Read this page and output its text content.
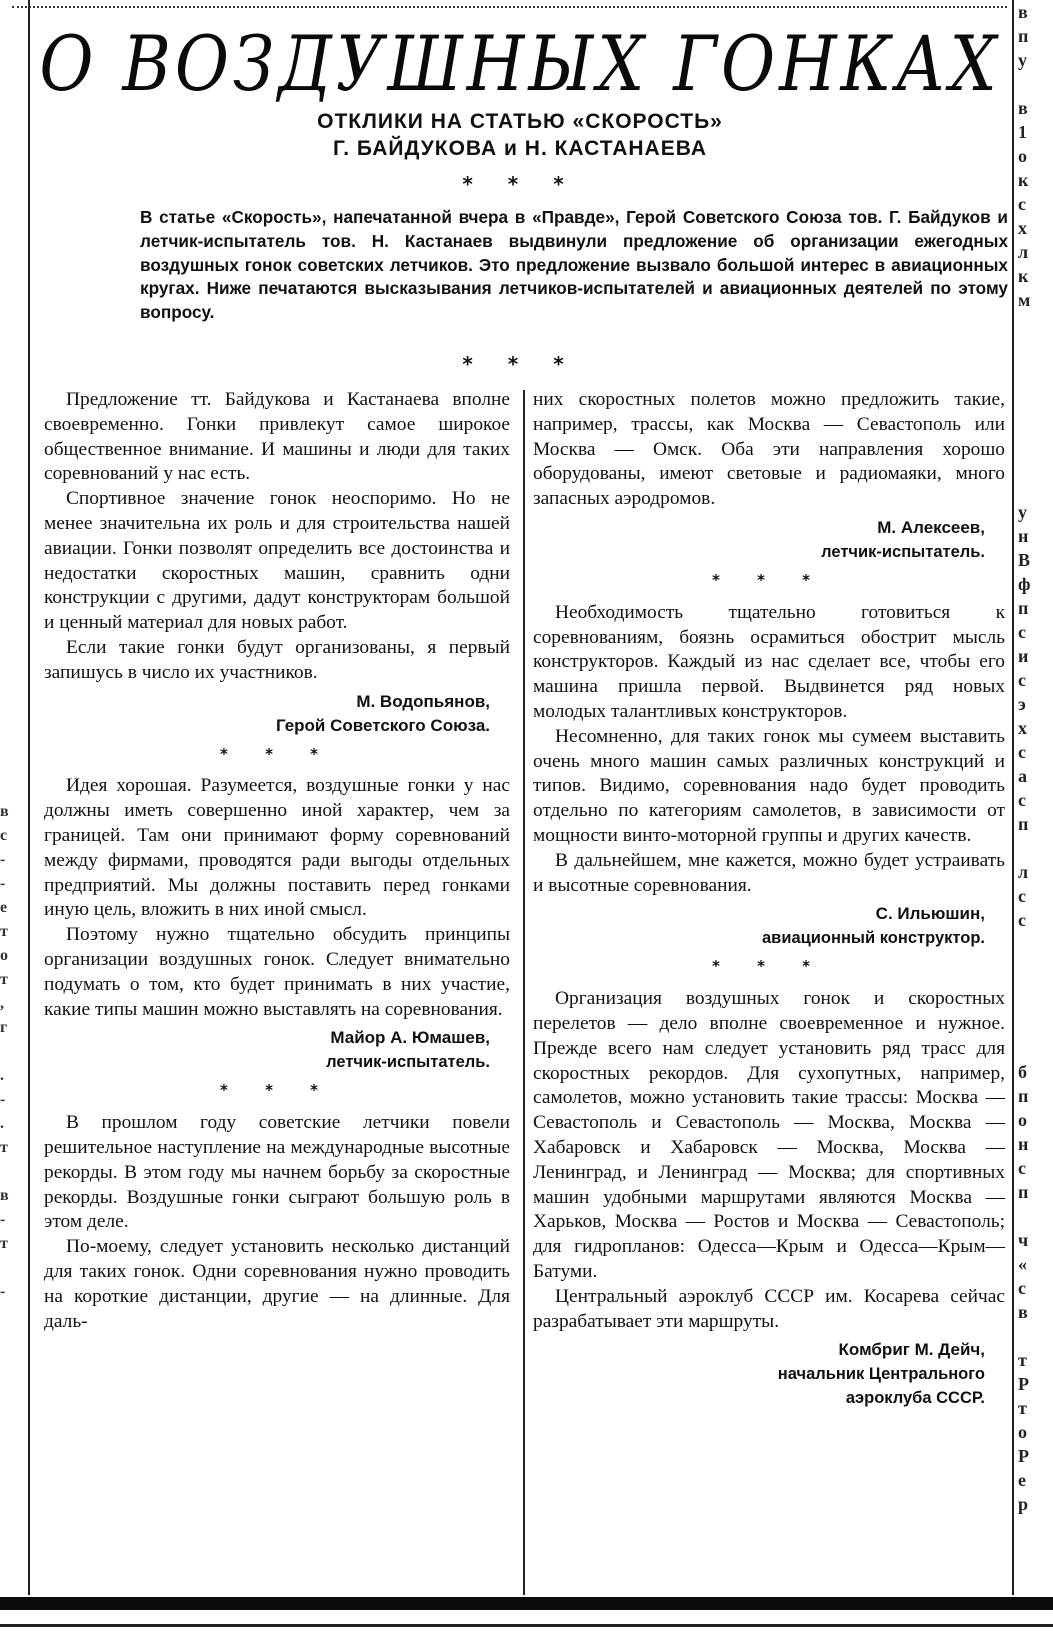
О ВОЗДУШНЫХ ГОНКАХ
ОТКЛИКИ НА СТАТЬЮ «СКОРОСТЬ»
Г. БАЙДУКОВА и Н. КАСТАНАЕВА
* * *
В статье «Скорость», напечатанной вчера в «Правде», Герой Советского Союза тов. Г. Байдуков и летчик-испытатель тов. Н. Кастанаев выдвинули предложение об организации ежегодных воздушных гонок советских летчиков. Это предложение вызвало большой интерес в авиационных кругах. Ниже печатаются высказывания летчиков-испытателей и авиационных деятелей по этому вопросу.
* * *

Предложение тт. Байдукова и Кастанаева вполне своевременно. Гонки привлекут самое широкое общественное внимание. И машины и люди для таких соревнований у нас есть.

Спортивное значение гонок неоспоримо. Но не менее значительна их роль и для строительства нашей авиации. Гонки позволят определить все достоинства и недостатки скоростных машин, сравнить одни конструкции с другими, дадут конструкторам большой и ценный материал для новых работ.

Если такие гонки будут организованы, я первый запишусь в число их участников.

М. Водопьянов,
Герой Советского Союза.
* * *

Идея хорошая. Разумеется, воздушные гонки у нас должны иметь совершенно иной характер, чем за границей. Там они принимают форму соревнований между фирмами, проводятся ради выгоды отдельных предприятий. Мы должны поставить перед гонками иную цель, вложить в них иной смысл.

Поэтому нужно тщательно обсудить принципы организации воздушных гонок. Следует внимательно подумать о том, кто будет принимать в них участие, какие типы машин можно выставлять на соревнования.

Майор А. Юмашев,
летчик-испытатель.
* * *

В прошлом году советские летчики повели решительное наступление на международные высотные рекорды. В этом году мы начнем борьбу за скоростные рекорды. Воздушные гонки сыграют большую роль в этом деле.

По-моему, следует установить несколько дистанций для таких гонок. Одни соревнования нужно проводить на короткие дистанции, другие — на длинные. Для даль-

них скоростных полетов можно предложить такие, например, трассы, как Москва — Севастополь или Москва — Омск. Оба эти направления хорошо оборудованы, имеют световые и радиомаяки, много запасных аэродромов.

М. Алексеев,
летчик-испытатель.
* * *

Необходимость тщательно готовиться к соревнованиям, боязнь осрамиться обострит мысль конструкторов. Каждый из нас сделает все, чтобы его машина пришла первой. Выдвинется ряд новых молодых талантливых конструкторов.

Несомненно, для таких гонок мы сумеем выставить очень много машин самых различных конструкций и типов. Видимо, соревнования надо будет проводить отдельно по категориям самолетов, в зависимости от мощности винто-моторной группы и других качеств.

В дальнейшем, мне кажется, можно будет устраивать и высотные соревнования.

С. Ильюшин,
авиационный конструктор.
* * *

Организация воздушных гонок и скоростных перелетов — дело вполне своевременное и нужное. Прежде всего нам следует установить ряд трасс для скоростных рекордов. Для сухопутных, например, самолетов, можно установить такие трассы: Москва — Севастополь и Севастополь — Москва, Москва — Хабаровск и Хабаровск — Москва, Москва — Ленинград, и Ленинград — Москва; для спортивных машин удобными маршрутами являются Москва — Харьков, Москва — Ростов и Москва — Севастополь; для гидропланов: Одесса—Крым и Одесса—Крым—Батуми.

Центральный аэроклуб СССР им. Косарева сейчас разрабатывает эти маршруты.

Комбриг М. Дейч,
начальник Центрального
аэроклуба СССР.
в
п
у

в
1
о
к
с
х
л
к
м
у
н
В
ф
п
с
и
с
э
х
с
а
с
п

л
с
с
б
п
о
н
с
п

ч
«
с
в

т
Р
т
о
Р
е
р
в
с
-
-
е
т
о
т
,
г

.
-
.
т

в
-
т

-
